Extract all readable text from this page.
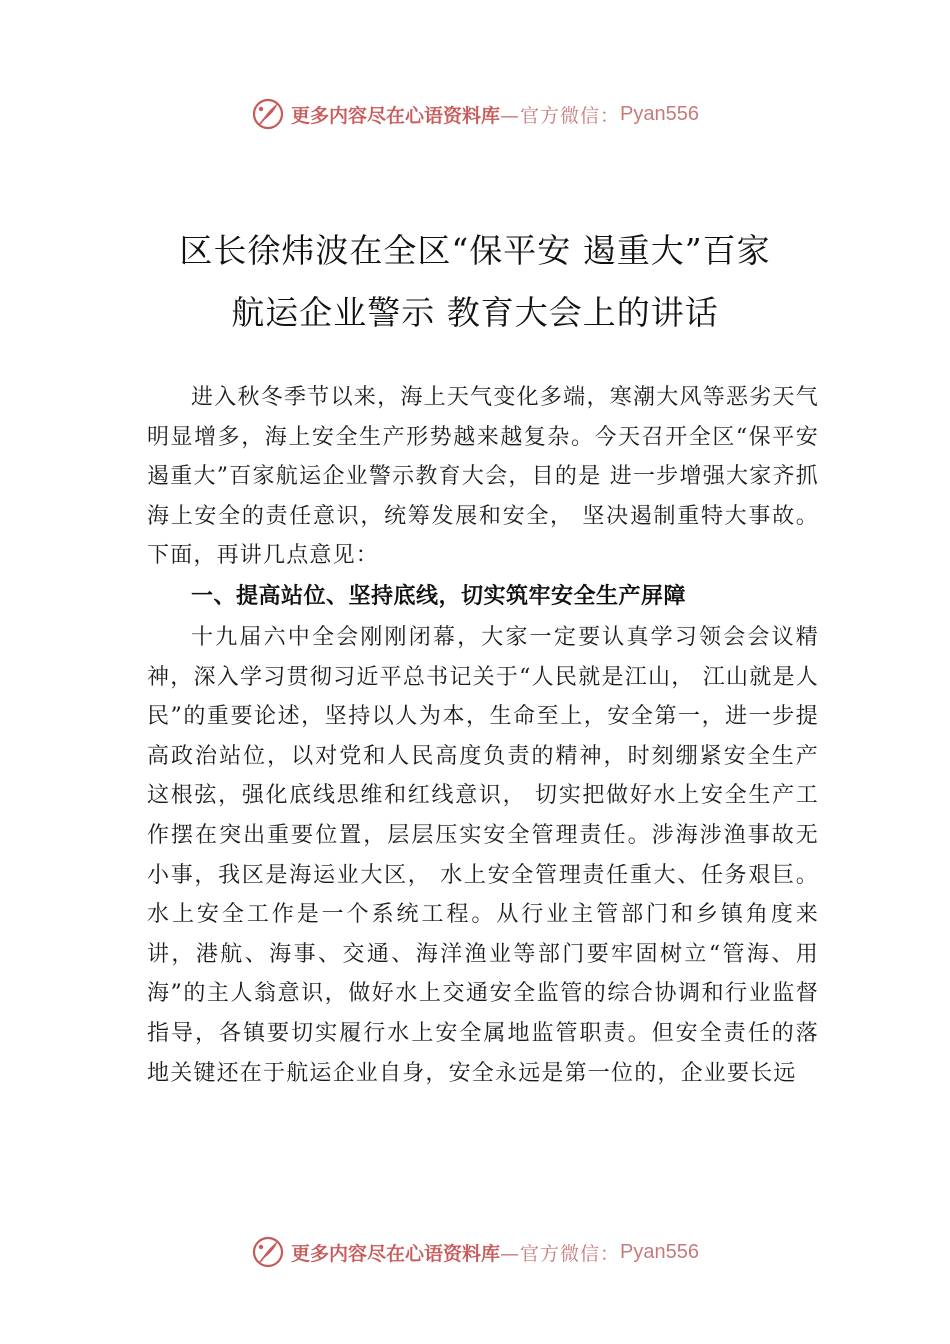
更多内容尽在心语资料库 —官方微信： Pyan556
区长徐炜波在全区“保平安 遏重大”百家
航运企业警示 教育大会上的讲话

进入秋冬季节以来，海上天气变化多端，寒潮大风等恶劣天气明显增多，海上安全生产形势越来越复杂。今天召开全区“保平安 遏重大”百家航运企业警示教育大会，目的是 进一步增强大家齐抓海上安全的责任意识，统筹发展和安全， 坚决遏制重特大事故。下面，再讲几点意见：

一、提高站位、坚持底线，切实筑牢安全生产屏障

十九届六中全会刚刚闭幕，大家一定要认真学习领会会议精神，深入学习贯彻习近平总书记关于“人民就是江山， 江山就是人民”的重要论述，坚持以人为本，生命至上，安全第一，进一步提高政治站位，以对党和人民高度负责的精神，时刻绷紧安全生产这根弦，强化底线思维和红线意识， 切实把做好水上安全生产工作摆在突出重要位置，层层压实安全管理责任。涉海涉渔事故无小事，我区是海运业大区， 水上安全管理责任重大、任务艰巨。水上安全工作是一个系统工程。从行业主管部门和乡镇角度来讲，港航、海事、交通、海洋渔业等部门要牢固树立“管海、用海”的主人翁意识，做好水上交通安全监管的综合协调和行业监督指导，各镇要切实履行水上安全属地监管职责。但安全责任的落地关键还在于航运企业自身，安全永远是第一位的，企业要长远

更多内容尽在心语资料库 —官方微信： Pyan556
